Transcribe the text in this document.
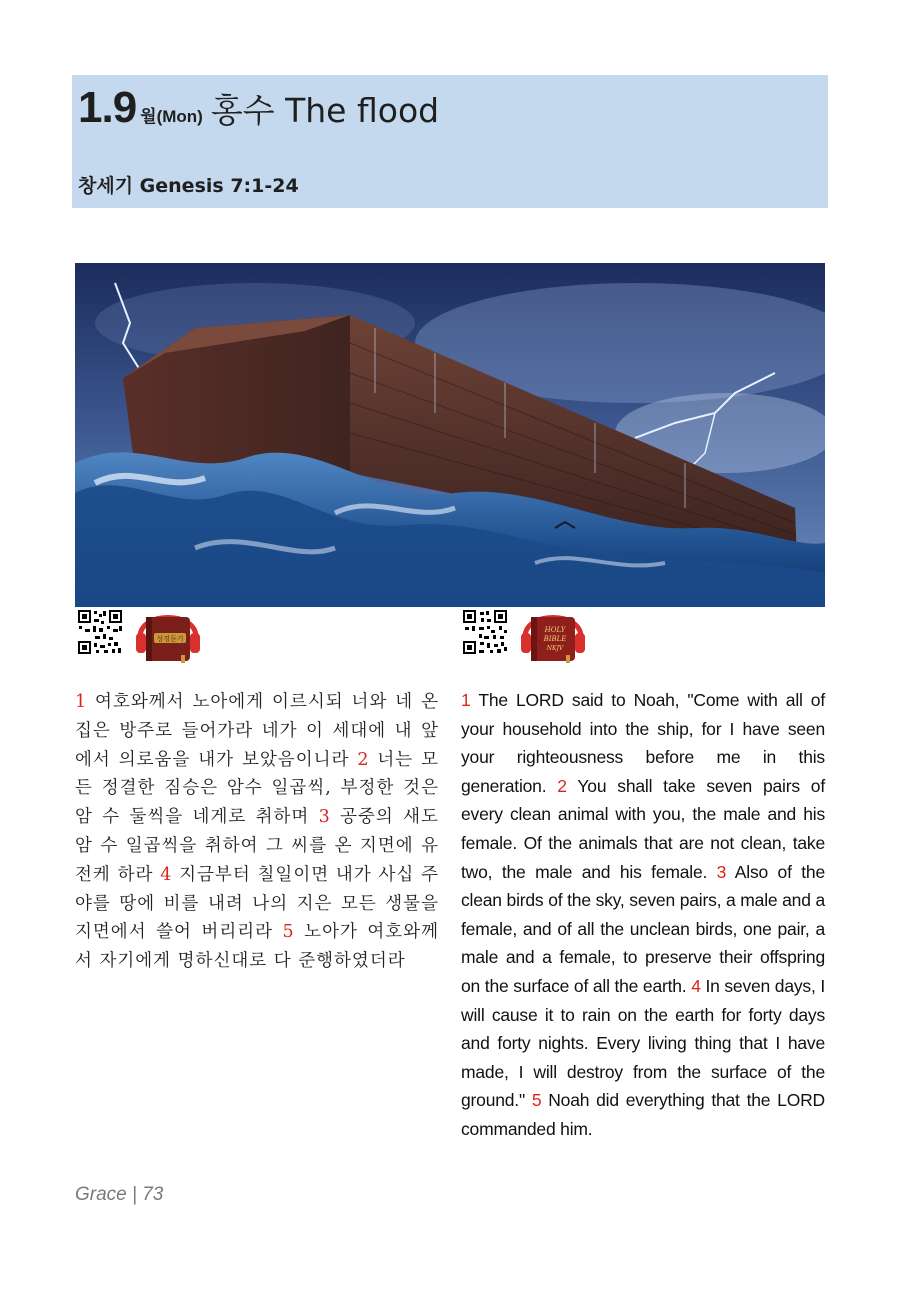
1.9 월(Mon) 홍수 The flood
창세기 Genesis 7:1-24
성경듣기
HOLY
BIBLE
NKJV
1 여호와께서 노아에게 이르시되 너와 네 온 집은 방주로 들어가라 네가 이 세대에 내 앞에서 의로움을 내가 보았음이니라 2 너는 모든 정결한 짐승은 암수 일곱씩, 부정한 것은 암 수 둘씩을 네게로 취하며 3 공중의 새도 암 수 일곱씩을 취하여 그 씨를 온 지면에 유전케 하라 4 지금부터 칠일이면 내가 사십 주야를 땅에 비를 내려 나의 지은 모든 생물을 지면에서 쓸어 버리리라 5 노아가 여호와께서 자기에게 명하신대로 다 준행하였더라
1 The LORD said to Noah, "Come with all of your household into the ship, for I have seen your righteousness before me in this generation. 2 You shall take seven pairs of every clean animal with you, the male and his female. Of the animals that are not clean, take two, the male and his female. 3 Also of the clean birds of the sky, seven pairs, a male and a female, and of all the unclean birds, one pair, a male and a female, to preserve their offspring on the surface of all the earth. 4 In seven days, I will cause it to rain on the earth for forty days and forty nights. Every living thing that I have made, I will destroy from the surface of the ground." 5 Noah did everything that the LORD commanded him.
Grace | 73
